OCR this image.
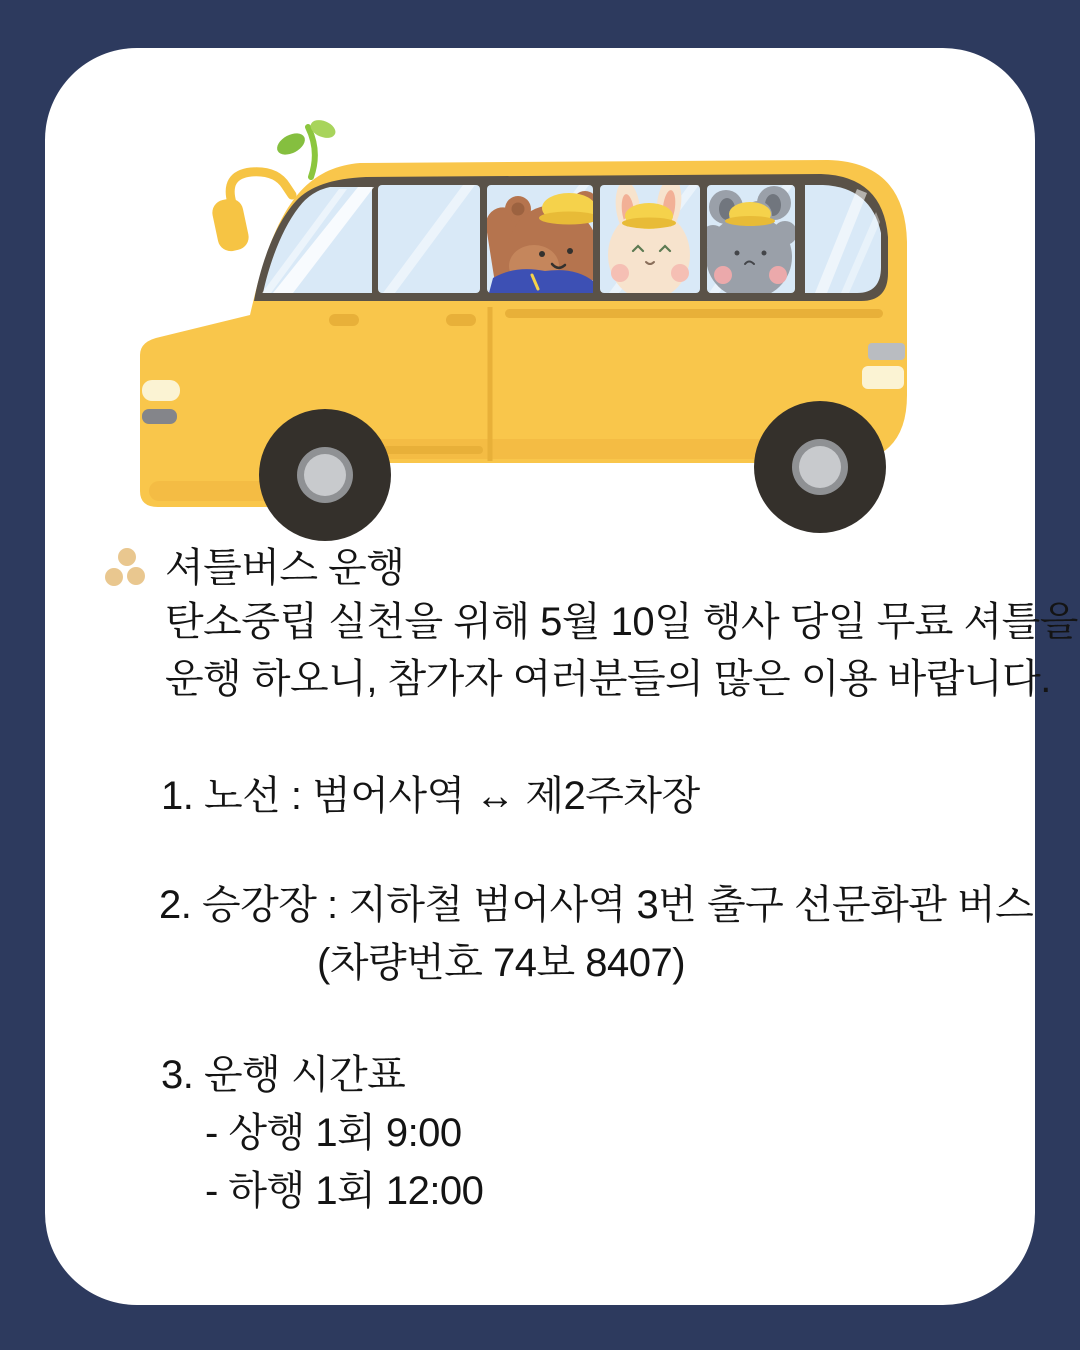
셔틀버스 운행
탄소중립 실천을 위해 5월 10일 행사 당일 무료 셔틀을
운행 하오니, 참가자 여러분들의 많은 이용 바랍니다.
1. 노선 : 범어사역 ↔ 제2주차장
2. 승강장 : 지하철 범어사역 3번 출구 선문화관 버스
(차량번호 74보 8407)
3. 운행 시간표
- 상행 1회 9:00
- 하행 1회 12:00
